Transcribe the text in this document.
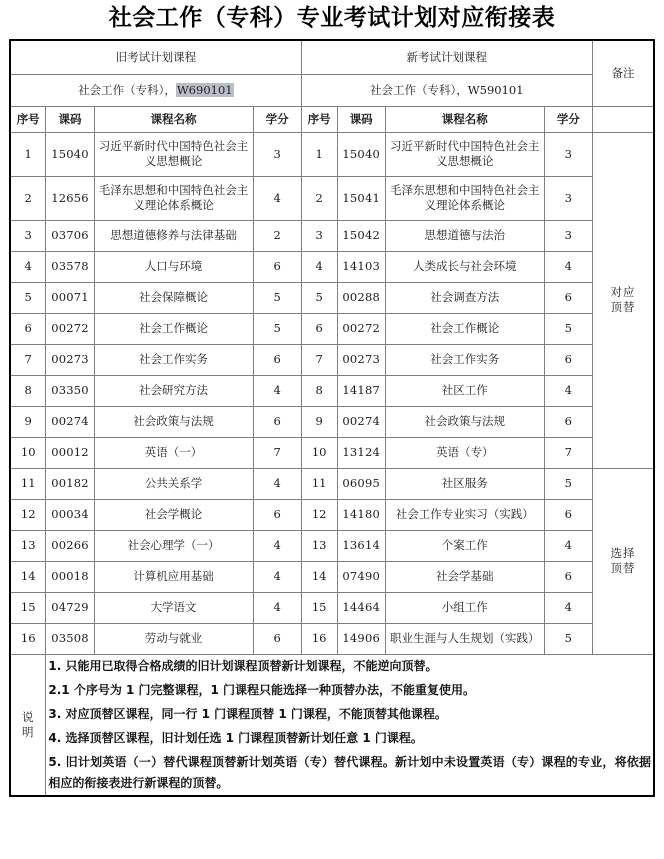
社会工作（专科）专业考试计划对应衔接表
旧考试计划课程				新考试计划课程				备注
社会工作（专科），W690101				社会工作（专科），W590101				
序号	课码	课程名称	学分	序号	课码	课程名称	学分	
1	15040	习近平新时代中国特色社会主义思想概论	3	1	15040	习近平新时代中国特色社会主义思想概论	3	对应
顶替
2	12656	毛泽东思想和中国特色社会主义理论体系概论	4	2	15041	毛泽东思想和中国特色社会主义理论体系概论	3	
3	03706	思想道德修养与法律基础	2	3	15042	思想道德与法治	3	
4	03578	人口与环境	6	4	14103	人类成长与社会环境	4	
5	00071	社会保障概论	5	5	00288	社会调查方法	6	
6	00272	社会工作概论	5	6	00272	社会工作概论	5	
7	00273	社会工作实务	6	7	00273	社会工作实务	6	
8	03350	社会研究方法	4	8	14187	社区工作	4	
9	00274	社会政策与法规	6	9	00274	社会政策与法规	6	
10	00012	英语（一）	7	10	13124	英语（专）	7	
11	00182	公共关系学	4	11	06095	社区服务	5	选择
顶替
12	00034	社会学概论	6	12	14180	社会工作专业实习（实践）	6	
13	00266	社会心理学（一）	4	13	13614	个案工作	4	
14	00018	计算机应用基础	4	14	07490	社会学基础	6	
15	04729	大学语文	4	15	14464	小组工作	4	
16	03508	劳动与就业	6	16	14906	职业生涯与人生规划（实践）	5	
说
明	

1. 只能用已取得合格成绩的旧计划课程顶替新计划课程，不能逆向顶替。

2.1 个序号为 1 门完整课程，1 门课程只能选择一种顶替办法，不能重复使用。

3. 对应顶替区课程，同一行 1 门课程顶替 1 门课程，不能顶替其他课程。

4. 选择顶替区课程，旧计划任选 1 门课程顶替新计划任意 1 门课程。

5. 旧计划英语（一）替代课程顶替新计划英语（专）替代课程。新计划中未设置英语（专）课程的专业，将依据相应的衔接表进行新课程的顶替。
